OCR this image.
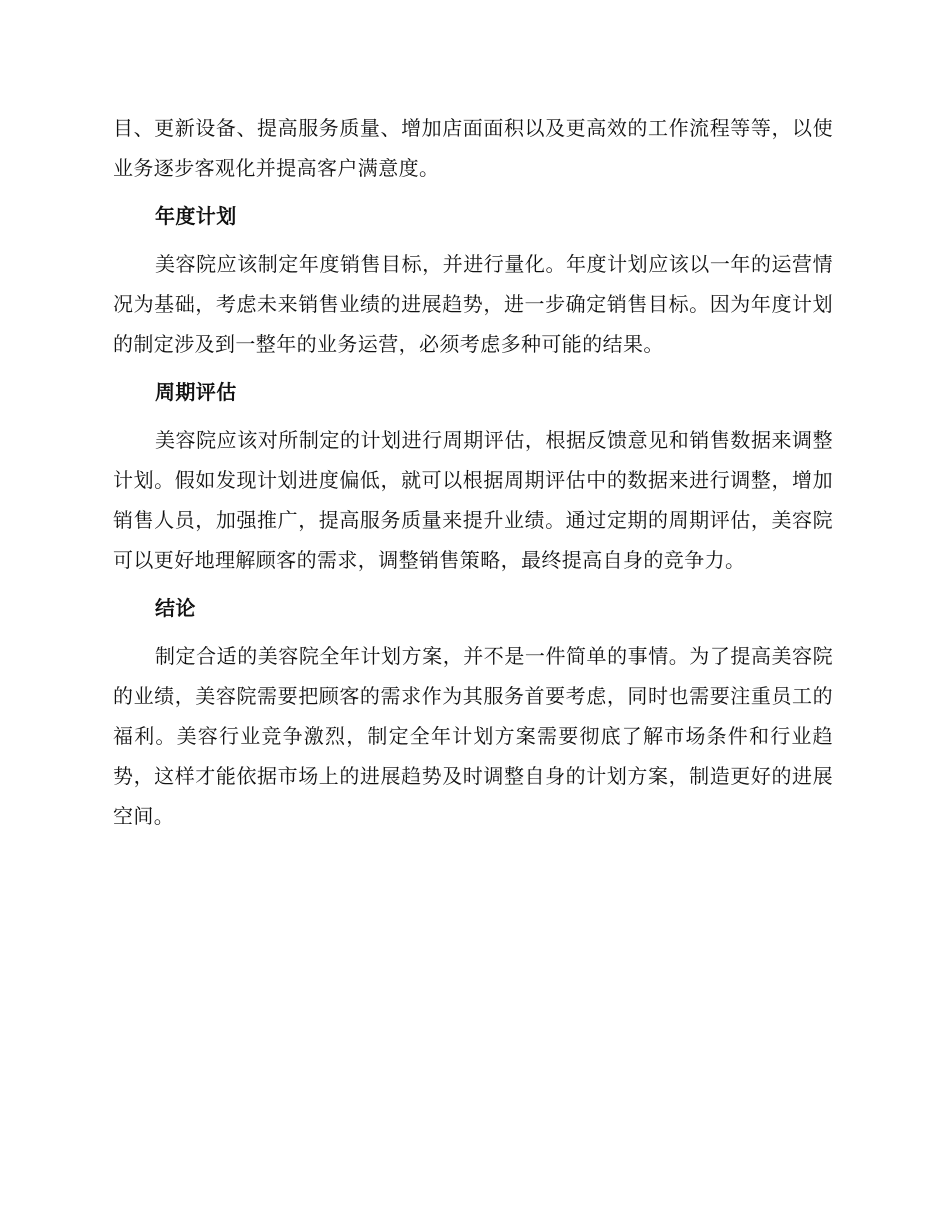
目、更新设备、提高服务质量、增加店面面积以及更高效的工作流程等等，以使业务逐步客观化并提高客户满意度。

年度计划

美容院应该制定年度销售目标，并进行量化。年度计划应该以一年的运营情况为基础，考虑未来销售业绩的进展趋势，进一步确定销售目标。因为年度计划的制定涉及到一整年的业务运营，必须考虑多种可能的结果。

周期评估

美容院应该对所制定的计划进行周期评估，根据反馈意见和销售数据来调整计划。假如发现计划进度偏低，就可以根据周期评估中的数据来进行调整，增加销售人员，加强推广，提高服务质量来提升业绩。通过定期的周期评估，美容院可以更好地理解顾客的需求，调整销售策略，最终提高自身的竞争力。

结论

制定合适的美容院全年计划方案，并不是一件简单的事情。为了提高美容院的业绩，美容院需要把顾客的需求作为其服务首要考虑，同时也需要注重员工的福利。美容行业竞争激烈，制定全年计划方案需要彻底了解市场条件和行业趋势，这样才能依据市场上的进展趋势及时调整自身的计划方案，制造更好的进展空间。
